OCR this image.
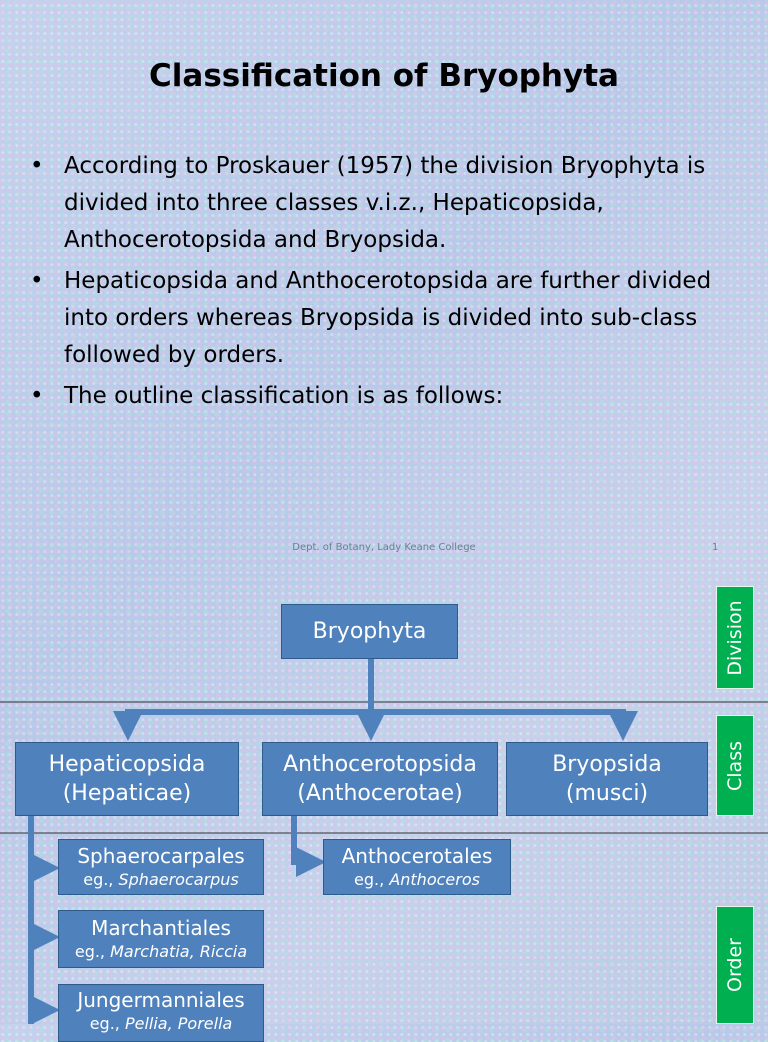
Classification of Bryophyta
• According to Proskauer (1957) the division Bryophyta is divided into three classes v.i.z., Hepaticopsida, Anthocerotopsida and Bryopsida.
• Hepaticopsida and Anthocerotopsida are further divided into orders whereas Bryopsida is divided into sub-class followed by orders.
• The outline classification is as follows:
Dept. of Botany, Lady Keane College	1
Division
Class
Order
Bryophyta
Hepaticopsida
(Hepaticae)
Anthocerotopsida
(Anthocerotae)
Bryopsida
(musci)
Sphaerocarpales
eg., Sphaerocarpus
Anthocerotales
eg., Anthoceros
Marchantiales
eg., Marchatia, Riccia
Jungermanniales
eg., Pellia, Porella
